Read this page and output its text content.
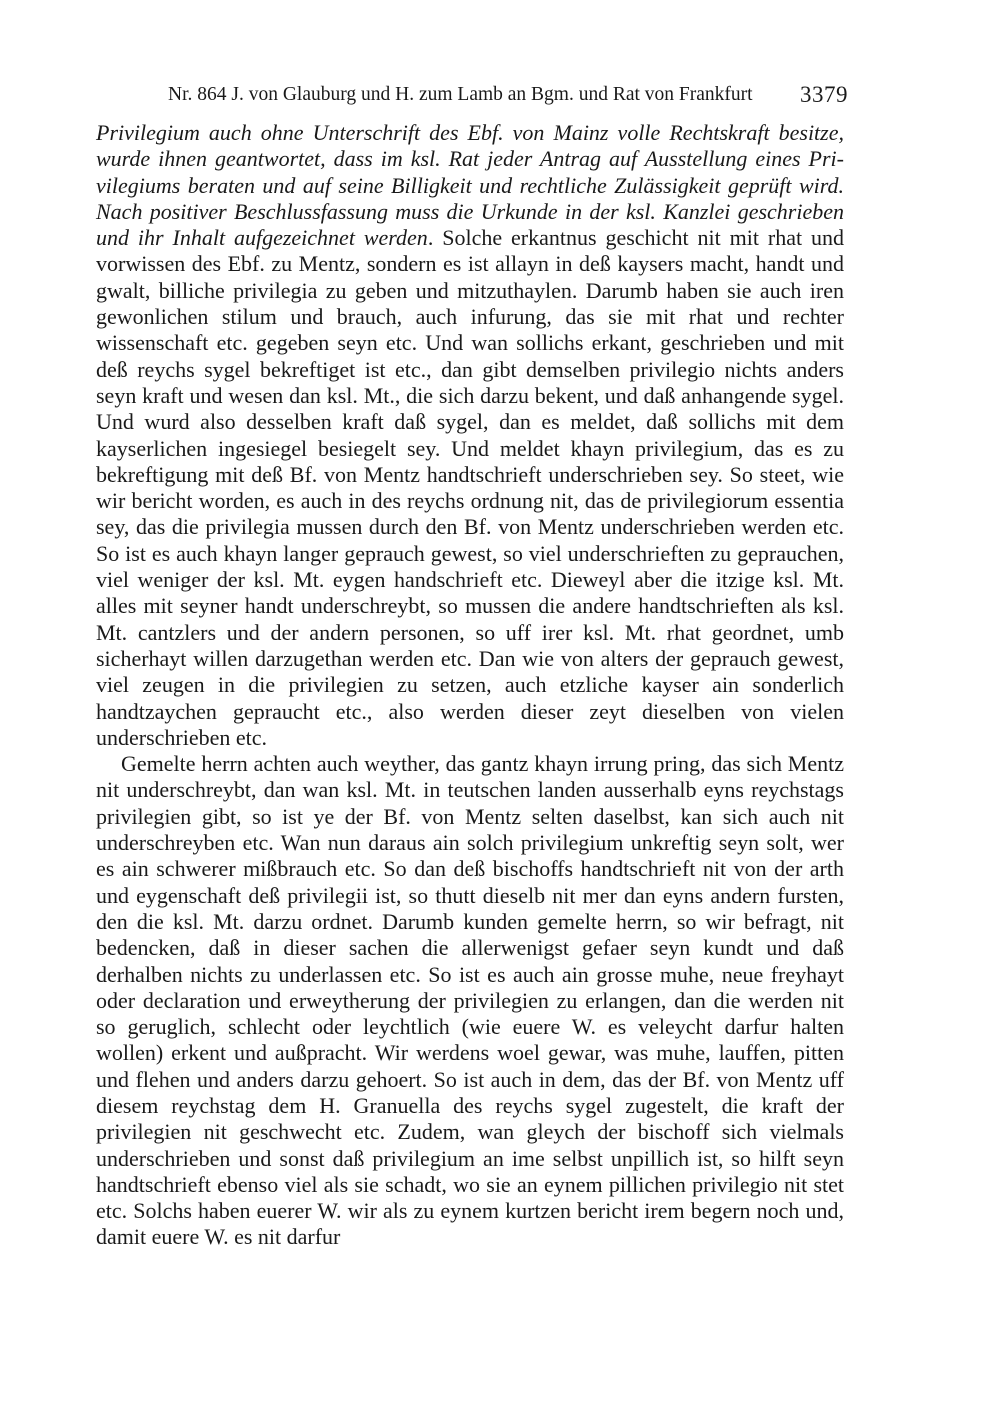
Nr. 864 J. von Glauburg und H. zum Lamb an Bgm. und Rat von Frankfurt 3379

Privilegium auch ohne Unterschrift des Ebf. von Mainz volle Rechtskraft besitze, wurde ihnen geantwortet, dass im ksl. Rat jeder Antrag auf Ausstellung eines Privilegiums beraten und auf seine Billigkeit und rechtliche Zulässigkeit geprüft wird. Nach positiver Beschlussfassung muss die Urkunde in der ksl. Kanzlei geschrieben und ihr Inhalt aufgezeichnet werden. Solche erkantnus geschicht nit mit rhat und vorwissen des Ebf. zu Mentz, sondern es ist allayn in deß kaysers macht, handt und gwalt, billiche privilegia zu geben und mitzuthaylen. Darumb haben sie auch iren gewonlichen stilum und brauch, auch infurung, das sie mit rhat und rechter wissenschaft etc. gegeben seyn etc. Und wan sollichs erkant, geschrieben und mit deß reychs sygel bekreftiget ist etc., dan gibt demselben privilegio nichts anders seyn kraft und wesen dan ksl. Mt., die sich darzu bekent, und daß anhangende sygel. Und wurd also desselben kraft daß sygel, dan es meldet, daß sollichs mit dem kayserlichen ingesiegel besiegelt sey. Und meldet khayn privilegium, das es zu bekreftigung mit deß Bf. von Mentz handtschrieft underschrieben sey. So steet, wie wir bericht worden, es auch in des reychs ordnung nit, das de privilegiorum essentia sey, das die privilegia mussen durch den Bf. von Mentz underschrieben werden etc. So ist es auch khayn langer geprauch gewest, so viel underschrieften zu geprauchen, viel weniger der ksl. Mt. eygen handschrieft etc. Dieweyl aber die itzige ksl. Mt. alles mit seyner handt underschreybt, so mussen die andere handtschrieften als ksl. Mt. cantzlers und der andern personen, so uff irer ksl. Mt. rhat geordnet, umb sicherhayt willen darzugethan werden etc. Dan wie von alters der geprauch gewest, viel zeugen in die privilegien zu setzen, auch etzliche kayser ain sonderlich handtzaychen gepraucht etc., also werden dieser zeyt dieselben von vielen underschrieben etc.

Gemelte herrn achten auch weyther, das gantz khayn irrung pring, das sich Mentz nit underschreybt, dan wan ksl. Mt. in teutschen landen ausserhalb eyns reychstags privilegien gibt, so ist ye der Bf. von Mentz selten daselbst, kan sich auch nit underschreyben etc. Wan nun daraus ain solch privilegium unkreftig seyn solt, wer es ain schwerer mißbrauch etc. So dan deß bischoffs handtschrieft nit von der arth und eygenschaft deß privilegii ist, so thutt dieselb nit mer dan eyns andern fursten, den die ksl. Mt. darzu ordnet. Darumb kunden gemelte herrn, so wir befragt, nit bedencken, daß in dieser sachen die allerwenigst gefaer seyn kundt und daß derhalben nichts zu underlassen etc. So ist es auch ain grosse muhe, neue freyhayt oder declaration und erweytherung der privilegien zu erlangen, dan die werden nit so geruglich, schlecht oder leychtlich (wie euere W. es veleycht darfur halten wollen) erkent und außpracht. Wir werdens woel gewar, was muhe, lauffen, pitten und flehen und anders darzu gehoert. So ist auch in dem, das der Bf. von Mentz uff diesem reychstag dem H. Granuella des reychs sygel zugestelt, die kraft der privilegien nit geschwecht etc. Zudem, wan gleych der bischoff sich vielmals underschrieben und sonst daß privilegium an ime selbst unpillich ist, so hilft seyn handtschrieft ebenso viel als sie schadt, wo sie an eynem pillichen privilegio nit stet etc. Solchs haben euerer W. wir als zu eynem kurtzen bericht irem begern noch und, damit euere W. es nit darfur
